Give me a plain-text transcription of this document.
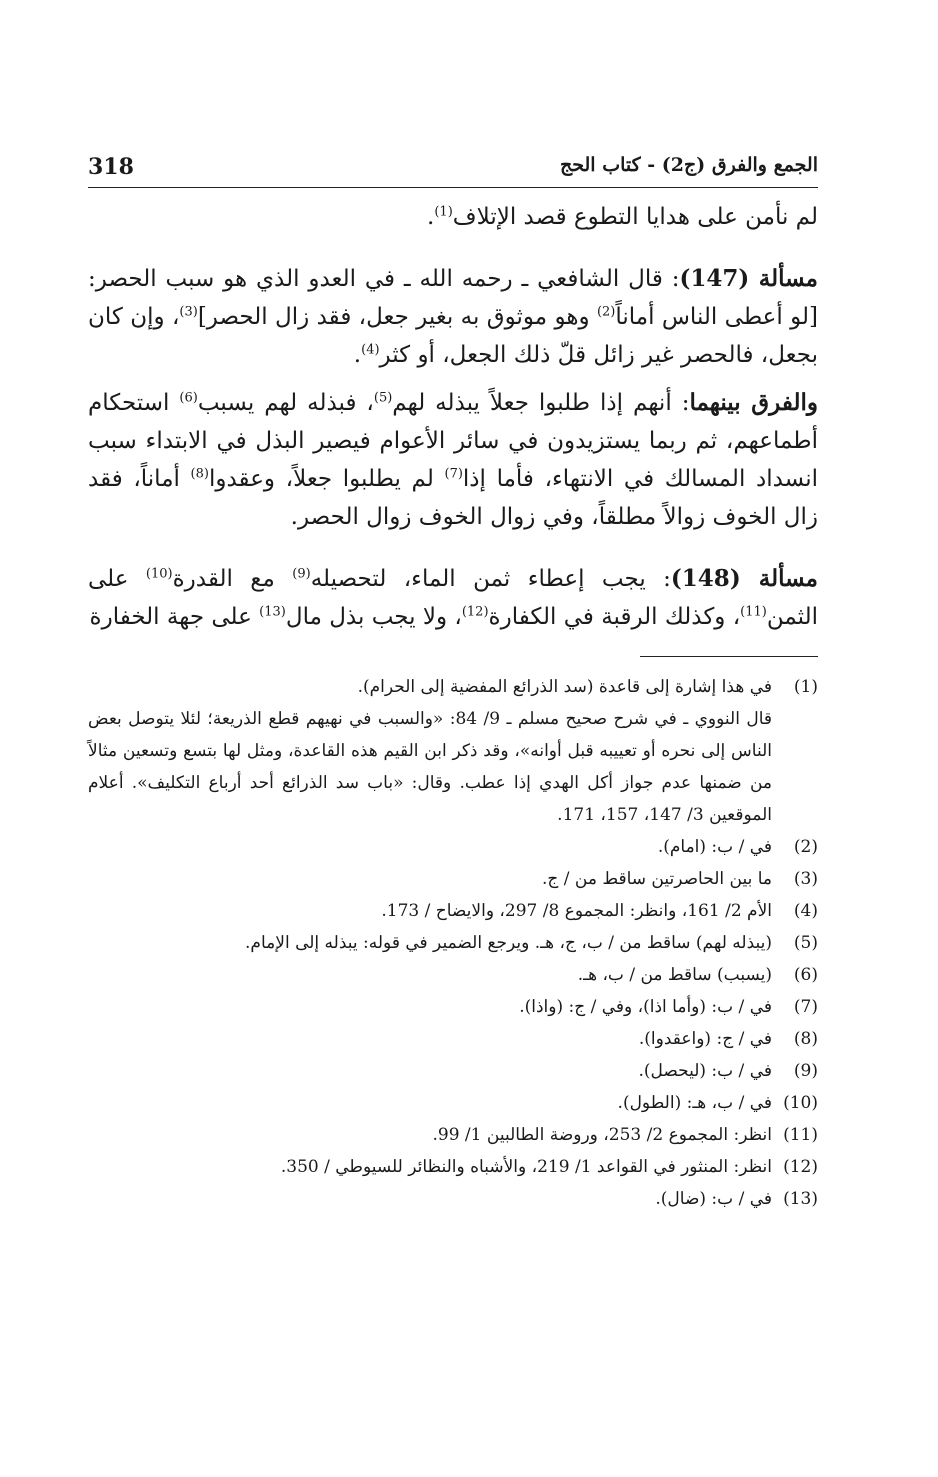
318	الجمع والفرق (ج2) - كتاب الحج

لم نأمن على هدايا التطوع قصد الإتلاف$^{(1)}$.

مسألة (147): قال الشافعي ـ رحمه الله ـ في العدو الذي هو سبب الحصر: [لو أعطى الناس أماناً$^{(2)}$ وهو موثوق به بغير جعل، فقد زال الحصر]$^{(3)}$، وإن كان بجعل، فالحصر غير زائل قلّ ذلك الجعل، أو كثر$^{(4)}$.

والفرق بينهما: أنهم إذا طلبوا جعلاً يبذله لهم$^{(5)}$، فبذله لهم يسبب$^{(6)}$ استحكام أطماعهم، ثم ربما يستزيدون في سائر الأعوام فيصير البذل في الابتداء سبب انسداد المسالك في الانتهاء، فأما إذا$^{(7)}$ لم يطلبوا جعلاً، وعقدوا$^{(8)}$ أماناً، فقد زال الخوف زوالاً مطلقاً، وفي زوال الخوف زوال الحصر.

مسألة (148): يجب إعطاء ثمن الماء، لتحصيله$^{(9)}$ مع القدرة$^{(10)}$ على الثمن$^{(11)}$، وكذلك الرقبة في الكفارة$^{(12)}$، ولا يجب بذل مال$^{(13)}$ على جهة الخفارة

(1)
في هذا إشارة إلى قاعدة (سد الذرائع المفضية إلى الحرام).
قال النووي ـ في شرح صحيح مسلم ـ 9/ 84: «والسبب في نهيهم قطع الذريعة؛ لئلا يتوصل بعض الناس إلى نحره أو تعييبه قبل أوانه»، وقد ذكر ابن القيم هذه القاعدة، ومثل لها بتسع وتسعين مثالاً من ضمنها عدم جواز أكل الهدي إذا عطب. وقال: «باب سد الذرائع أحد أرباع التكليف». أعلام الموقعين 3/ 147، 157، 171.
(2)
في / ب: (امام).
(3)
ما بين الحاصرتين ساقط من / ج.
(4)
الأم 2/ 161، وانظر: المجموع 8/ 297، والايضاح / 173.
(5)
(يبذله لهم) ساقط من / ب، ج، هـ. ويرجع الضمير في قوله: يبذله إلى الإمام.
(6)
(يسبب) ساقط من / ب، هـ.
(7)
في / ب: (وأما اذا)، وفي / ج: (واذا).
(8)
في / ج: (واعقدوا).
(9)
في / ب: (ليحصل).
(10)
في / ب، هـ: (الطول).
(11)
انظر: المجموع 2/ 253، وروضة الطالبين 1/ 99.
(12)
انظر: المنثور في القواعد 1/ 219، والأشباه والنظائر للسيوطي / 350.
(13)
في / ب: (ضال).
